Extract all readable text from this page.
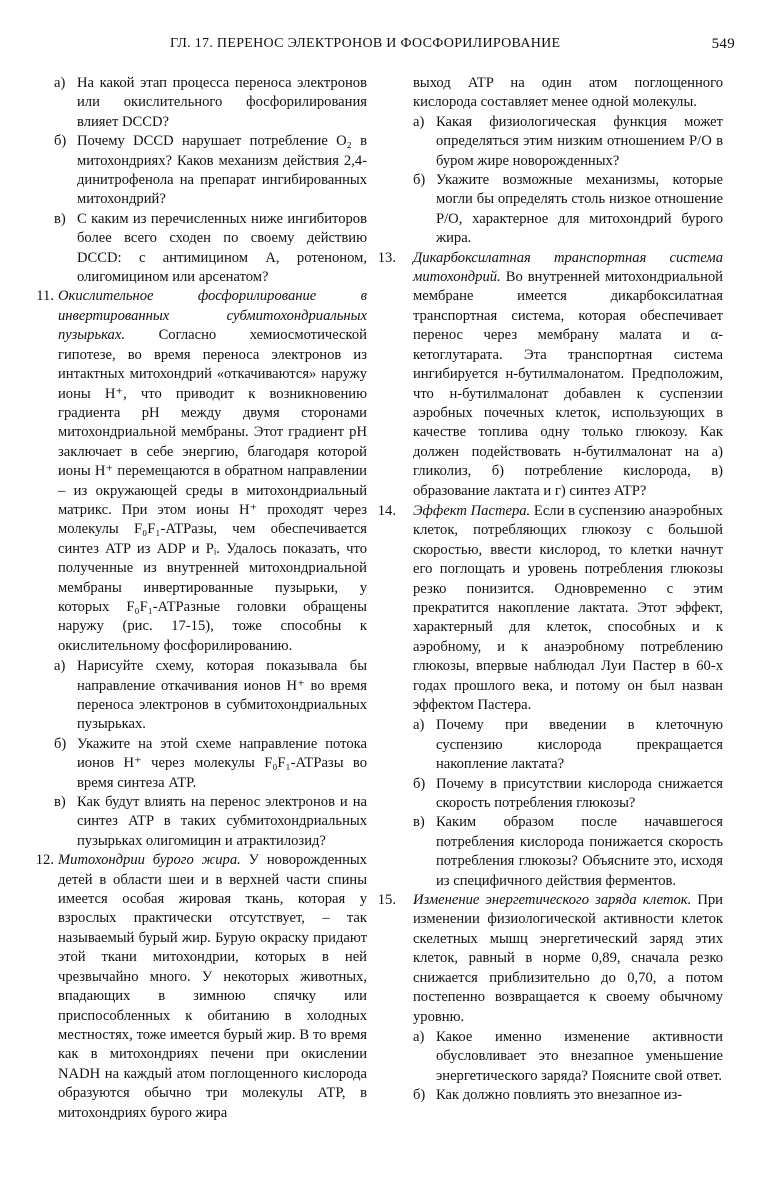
ГЛ. 17. ПЕРЕНОС ЭЛЕКТРОНОВ И ФОСФОРИЛИРОВАНИЕ	549
а) На какой этап процесса переноса электронов или окислительного фосфорилирования влияет DCCD?

б) Почему DCCD нарушает потребление O₂ в митохондриях? Каков механизм действия 2,4-динитрофенола на препарат ингибированных митохондрий?

в) С каким из перечисленных ниже ингибиторов более всего сходен по своему действию DCCD: с антимицином А, ротеноном, олигомицином или арсенатом?

11. Окислительное фосфорилирование в инвертированных субмитохондриальных пузырьках. Согласно хемиосмотической гипотезе, во время переноса электронов из интактных митохондрий «откачиваются» наружу ионы H⁺, что приводит к возникновению градиента pH между двумя сторонами митохондриальной мембраны. Этот градиент pH заключает в себе энергию, благодаря которой ионы H⁺ перемещаются в обратном направлении – из окружающей среды в митохондриальный матрикс. При этом ионы H⁺ проходят через молекулы F₀F₁-ATPазы, чем обеспечивается синтез ATP из ADP и Pᵢ. Удалось показать, что полученные из внутренней митохондриальной мембраны инвертированные пузырьки, у которых F₀F₁-ATPазные головки обращены наружу (рис. 17-15), тоже способны к окислительному фосфорилированию.

а) Нарисуйте схему, которая показывала бы направление откачивания ионов H⁺ во время переноса электронов в субмитохондриальных пузырьках.

б) Укажите на этой схеме направление потока ионов H⁺ через молекулы F₀F₁-ATPазы во время синтеза ATP.

в) Как будут влиять на перенос электронов и на синтез ATP в таких субмитохондриальных пузырьках олигомицин и атрактилозид?

12. Митохондрии бурого жира. У новорожденных детей в области шеи и в верхней части спины имеется особая жировая ткань, которая у взрослых практически отсутствует, – так называемый бурый жир. Бурую окраску придают этой ткани митохондрии, которых в ней чрезвычайно много. У некоторых животных, впадающих в зимнюю спячку или приспособленных к обитанию в холодных местностях, тоже имеется бурый жир. В то время как в митохондриях печени при окислении NADH на каждый атом поглощенного кислорода образуются обычно три молекулы ATP, в митохондриях бурого жира

выход ATP на один атом поглощенного кислорода составляет менее одной молекулы.

а) Какая физиологическая функция может определяться этим низким отношением P/O в буром жире новорожденных?

б) Укажите возможные механизмы, которые могли бы определять столь низкое отношение P/O, характерное для митохондрий бурого жира.

13. Дикарбоксилатная транспортная система митохондрий. Во внутренней митохондриальной мембране имеется дикарбоксилатная транспортная система, которая обеспечивает перенос через мембрану малата и α-кетоглутарата. Эта транспортная система ингибируется н-бутилмалонатом. Предположим, что н-бутилмалонат добавлен к суспензии аэробных почечных клеток, использующих в качестве топлива одну только глюкозу. Как должен подействовать н-бутилмалонат на а) гликолиз, б) потребление кислорода, в) образование лактата и г) синтез ATP?

14. Эффект Пастера. Если в суспензию анаэробных клеток, потребляющих глюкозу с большой скоростью, ввести кислород, то клетки начнут его поглощать и уровень потребления глюкозы резко понизится. Одновременно с этим прекратится накопление лактата. Этот эффект, характерный для клеток, способных и к аэробному, и к анаэробному потреблению глюкозы, впервые наблюдал Луи Пастер в 60-х годах прошлого века, и потому он был назван эффектом Пастера.

а) Почему при введении в клеточную суспензию кислорода прекращается накопление лактата?

б) Почему в присутствии кислорода снижается скорость потребления глюкозы?

в) Каким образом после начавшегося потребления кислорода понижается скорость потребления глюкозы? Объясните это, исходя из специфичного действия ферментов.

15. Изменение энергетического заряда клеток. При изменении физиологической активности клеток скелетных мышц энергетический заряд этих клеток, равный в норме 0,89, сначала резко снижается приблизительно до 0,70, а потом постепенно возвращается к своему обычному уровню.

а) Какое именно изменение активности обусловливает это внезапное уменьшение энергетического заряда? Поясните свой ответ.

б) Как должно повлиять это внезапное из-
